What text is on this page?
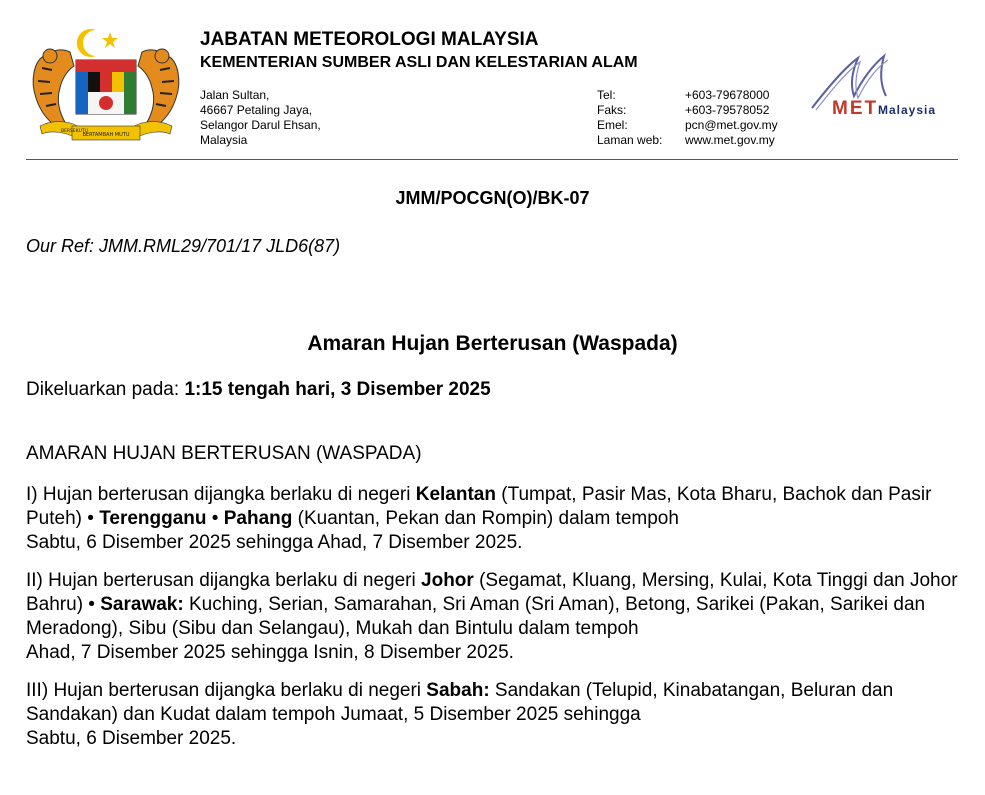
BERSEKUTU
BERTAMBAH MUTU

JABATAN METEOROLOGI MALAYSIA

KEMENTERIAN SUMBER ASLI DAN KELESTARIAN ALAM

Jalan Sultan,
46667 Petaling Jaya,
Selangor Darul Ehsan,
Malaysia
Tel:	+603-79678000
Faks:	+603-79578052
Emel:	pcn@met.gov.my
Laman web:	www.met.gov.my
MET Malaysia
JMM/POCGN(O)/BK-07
Our Ref: JMM.RML29/701/17 JLD6(87)
Amaran Hujan Berterusan (Waspada)
Dikeluarkan pada: 1:15 tengah hari, 3 Disember 2025

AMARAN HUJAN BERTERUSAN (WASPADA)

I) Hujan berterusan dijangka berlaku di negeri Kelantan (Tumpat, Pasir Mas, Kota Bharu, Bachok dan Pasir Puteh) • Terengganu • Pahang (Kuantan, Pekan dan Rompin) dalam tempoh
Sabtu, 6 Disember 2025 sehingga Ahad, 7 Disember 2025.

II) Hujan berterusan dijangka berlaku di negeri Johor (Segamat, Kluang, Mersing, Kulai, Kota Tinggi dan Johor Bahru) • Sarawak: Kuching, Serian, Samarahan, Sri Aman (Sri Aman), Betong, Sarikei (Pakan, Sarikei dan Meradong), Sibu (Sibu dan Selangau), Mukah dan Bintulu dalam tempoh
Ahad, 7 Disember 2025 sehingga Isnin, 8 Disember 2025.

III) Hujan berterusan dijangka berlaku di negeri Sabah: Sandakan (Telupid, Kinabatangan, Beluran dan Sandakan) dan Kudat dalam tempoh Jumaat, 5 Disember 2025 sehingga
Sabtu, 6 Disember 2025.
